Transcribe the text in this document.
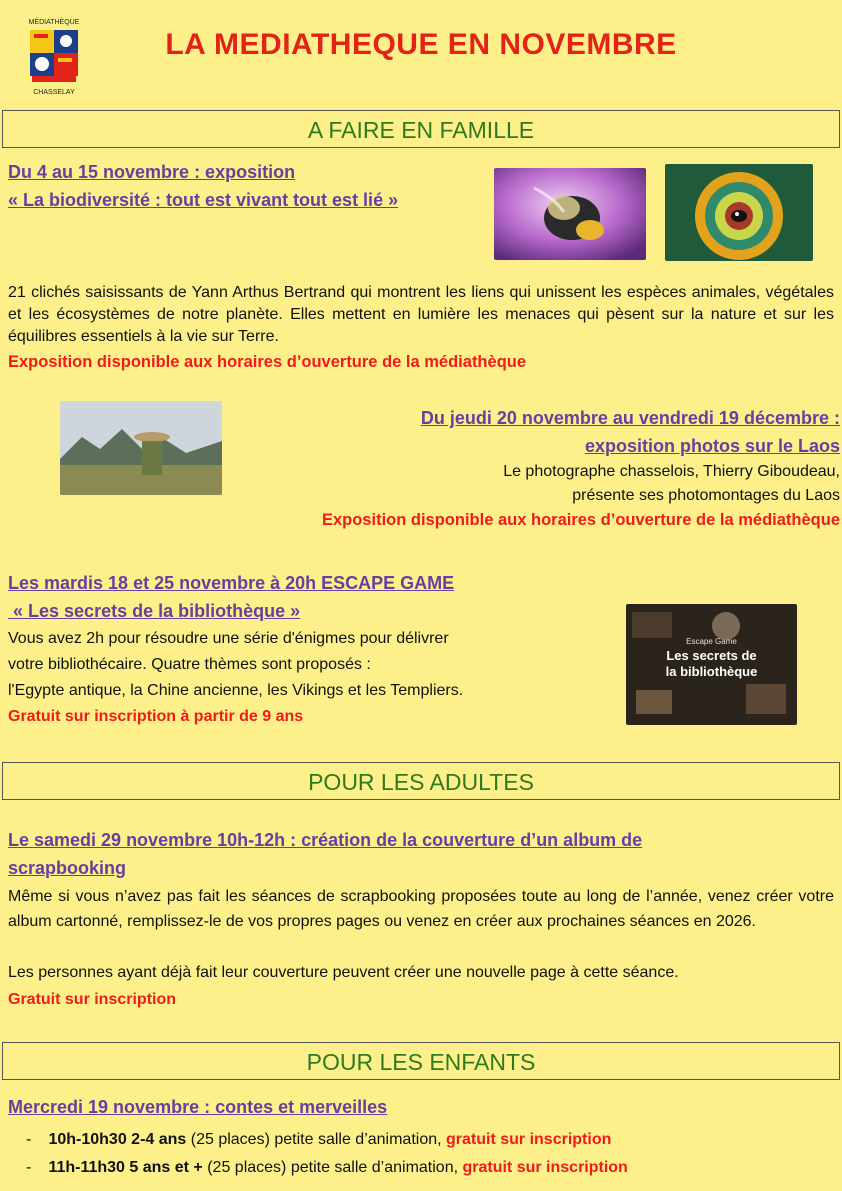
MÉDIATHÈQUE
CHASSELAY
LA MEDIATHEQUE EN NOVEMBRE
A FAIRE EN FAMILLE
Du 4 au 15 novembre : exposition
« La biodiversité : tout est vivant tout est lié »
21 clichés saisissants de Yann Arthus Bertrand qui montrent les liens qui unissent les espèces animales, végétales et les écosystèmes de notre planète. Elles mettent en lumière les menaces qui pèsent sur la nature et sur les équilibres essentiels à la vie sur Terre.
Exposition disponible aux horaires d’ouverture de la médiathèque
Du jeudi 20 novembre au vendredi 19 décembre :
exposition photos sur le Laos
Le photographe chasselois, Thierry Giboudeau,
présente ses photomontages du Laos
Exposition disponible aux horaires d’ouverture de la médiathèque
Les mardis 18 et 25 novembre à 20h ESCAPE GAME
« Les secrets de la bibliothèque »
Vous avez 2h pour résoudre une série d'énigmes pour délivrer
votre bibliothécaire. Quatre thèmes sont proposés :
l'Egypte antique, la Chine ancienne, les Vikings et les Templiers.
Gratuit sur inscription à partir de 9 ans
Escape Game
Les secrets de
la bibliothèque
POUR LES ADULTES
Le samedi 29 novembre 10h-12h : création de la couverture d’un album de
scrapbooking
Même si vous n’avez pas fait les séances de scrapbooking proposées toute au long de l’année, venez créer votre album cartonné, remplissez-le de vos propres pages ou venez en créer aux prochaines séances en 2026.
Les personnes ayant déjà fait leur couverture peuvent créer une nouvelle page à cette séance.
Gratuit sur inscription
POUR LES ENFANTS
Mercredi 19 novembre : contes et merveilles
- 10h-10h30 2-4 ans (25 places) petite salle d’animation, gratuit sur inscription
- 11h-11h30 5 ans et + (25 places) petite salle d’animation, gratuit sur inscription
